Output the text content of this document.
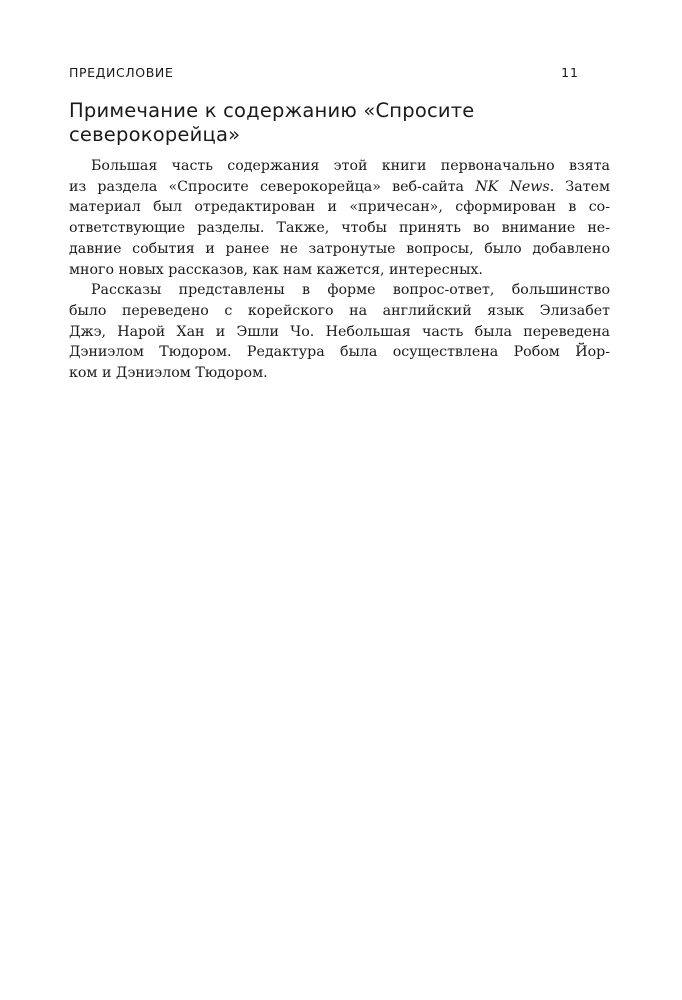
ПРЕДИСЛОВИЕ	11
Примечание к содержанию «Спросите
северокорейца»

Большая часть содержания этой книги первоначально взята
из раздела «Спросите северокорейца» веб-сайта NK News. Затем
материал был отредактирован и «причесан», сформирован в со-
ответствующие разделы. Также, чтобы принять во внимание не-
давние события и ранее не затронутые вопросы, было добавлено
много новых рассказов, как нам кажется, интересных.

Рассказы представлены в форме вопрос-ответ, большинство
было переведено с корейского на английский язык Элизабет
Джэ, Нарой Хан и Эшли Чо. Небольшая часть была переведена
Дэниэлом Тюдором. Редактура была осуществлена Робом Йор-
ком и Дэниэлом Тюдором.
